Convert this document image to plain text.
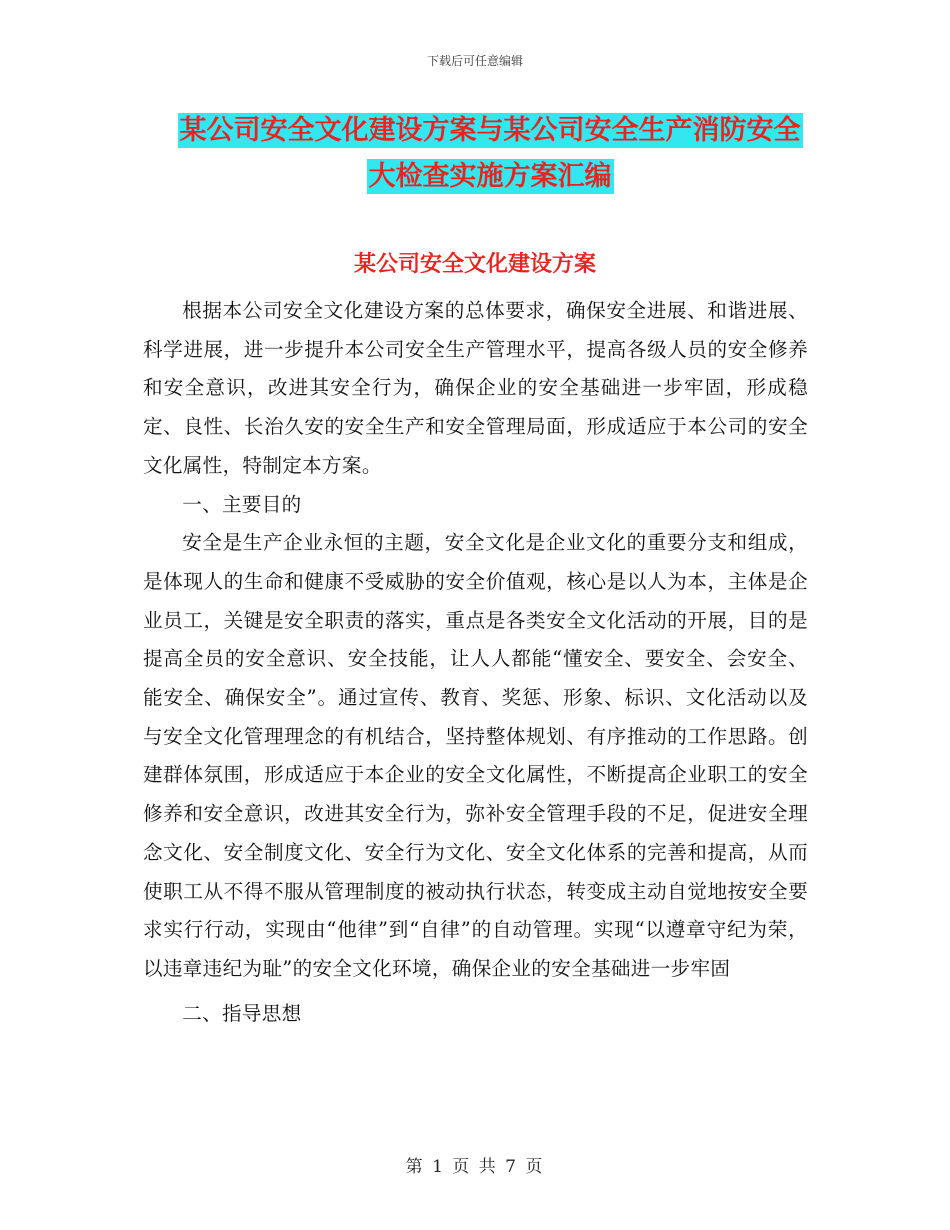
下载后可任意编辑
某公司安全文化建设方案与某公司安全生产消防安全
大检查实施方案汇编
某公司安全文化建设方案

根据本公司安全文化建设方案的总体要求，确保安全进展、和谐进展、科学进展，进一步提升本公司安全生产管理水平，提高各级人员的安全修养和安全意识，改进其安全行为，确保企业的安全基础进一步牢固，形成稳定、良性、长治久安的安全生产和安全管理局面，形成适应于本公司的安全文化属性，特制定本方案。

一、主要目的

安全是生产企业永恒的主题，安全文化是企业文化的重要分支和组成，是体现人的生命和健康不受威胁的安全价值观，核心是以人为本，主体是企业员工，关键是安全职责的落实，重点是各类安全文化活动的开展，目的是提高全员的安全意识、安全技能，让人人都能“懂安全、要安全、会安全、能安全、确保安全”。通过宣传、教育、奖惩、形象、标识、文化活动以及与安全文化管理理念的有机结合，坚持整体规划、有序推动的工作思路。创建群体氛围，形成适应于本企业的安全文化属性，不断提高企业职工的安全修养和安全意识，改进其安全行为，弥补安全管理手段的不足，促进安全理念文化、安全制度文化、安全行为文化、安全文化体系的完善和提高，从而使职工从不得不服从管理制度的被动执行状态，转变成主动自觉地按安全要求实行行动，实现由“他律”到“自律”的自动管理。实现“以遵章守纪为荣，以违章违纪为耻”的安全文化环境，确保企业的安全基础进一步牢固

二、指导思想

第 1 页 共 7 页
